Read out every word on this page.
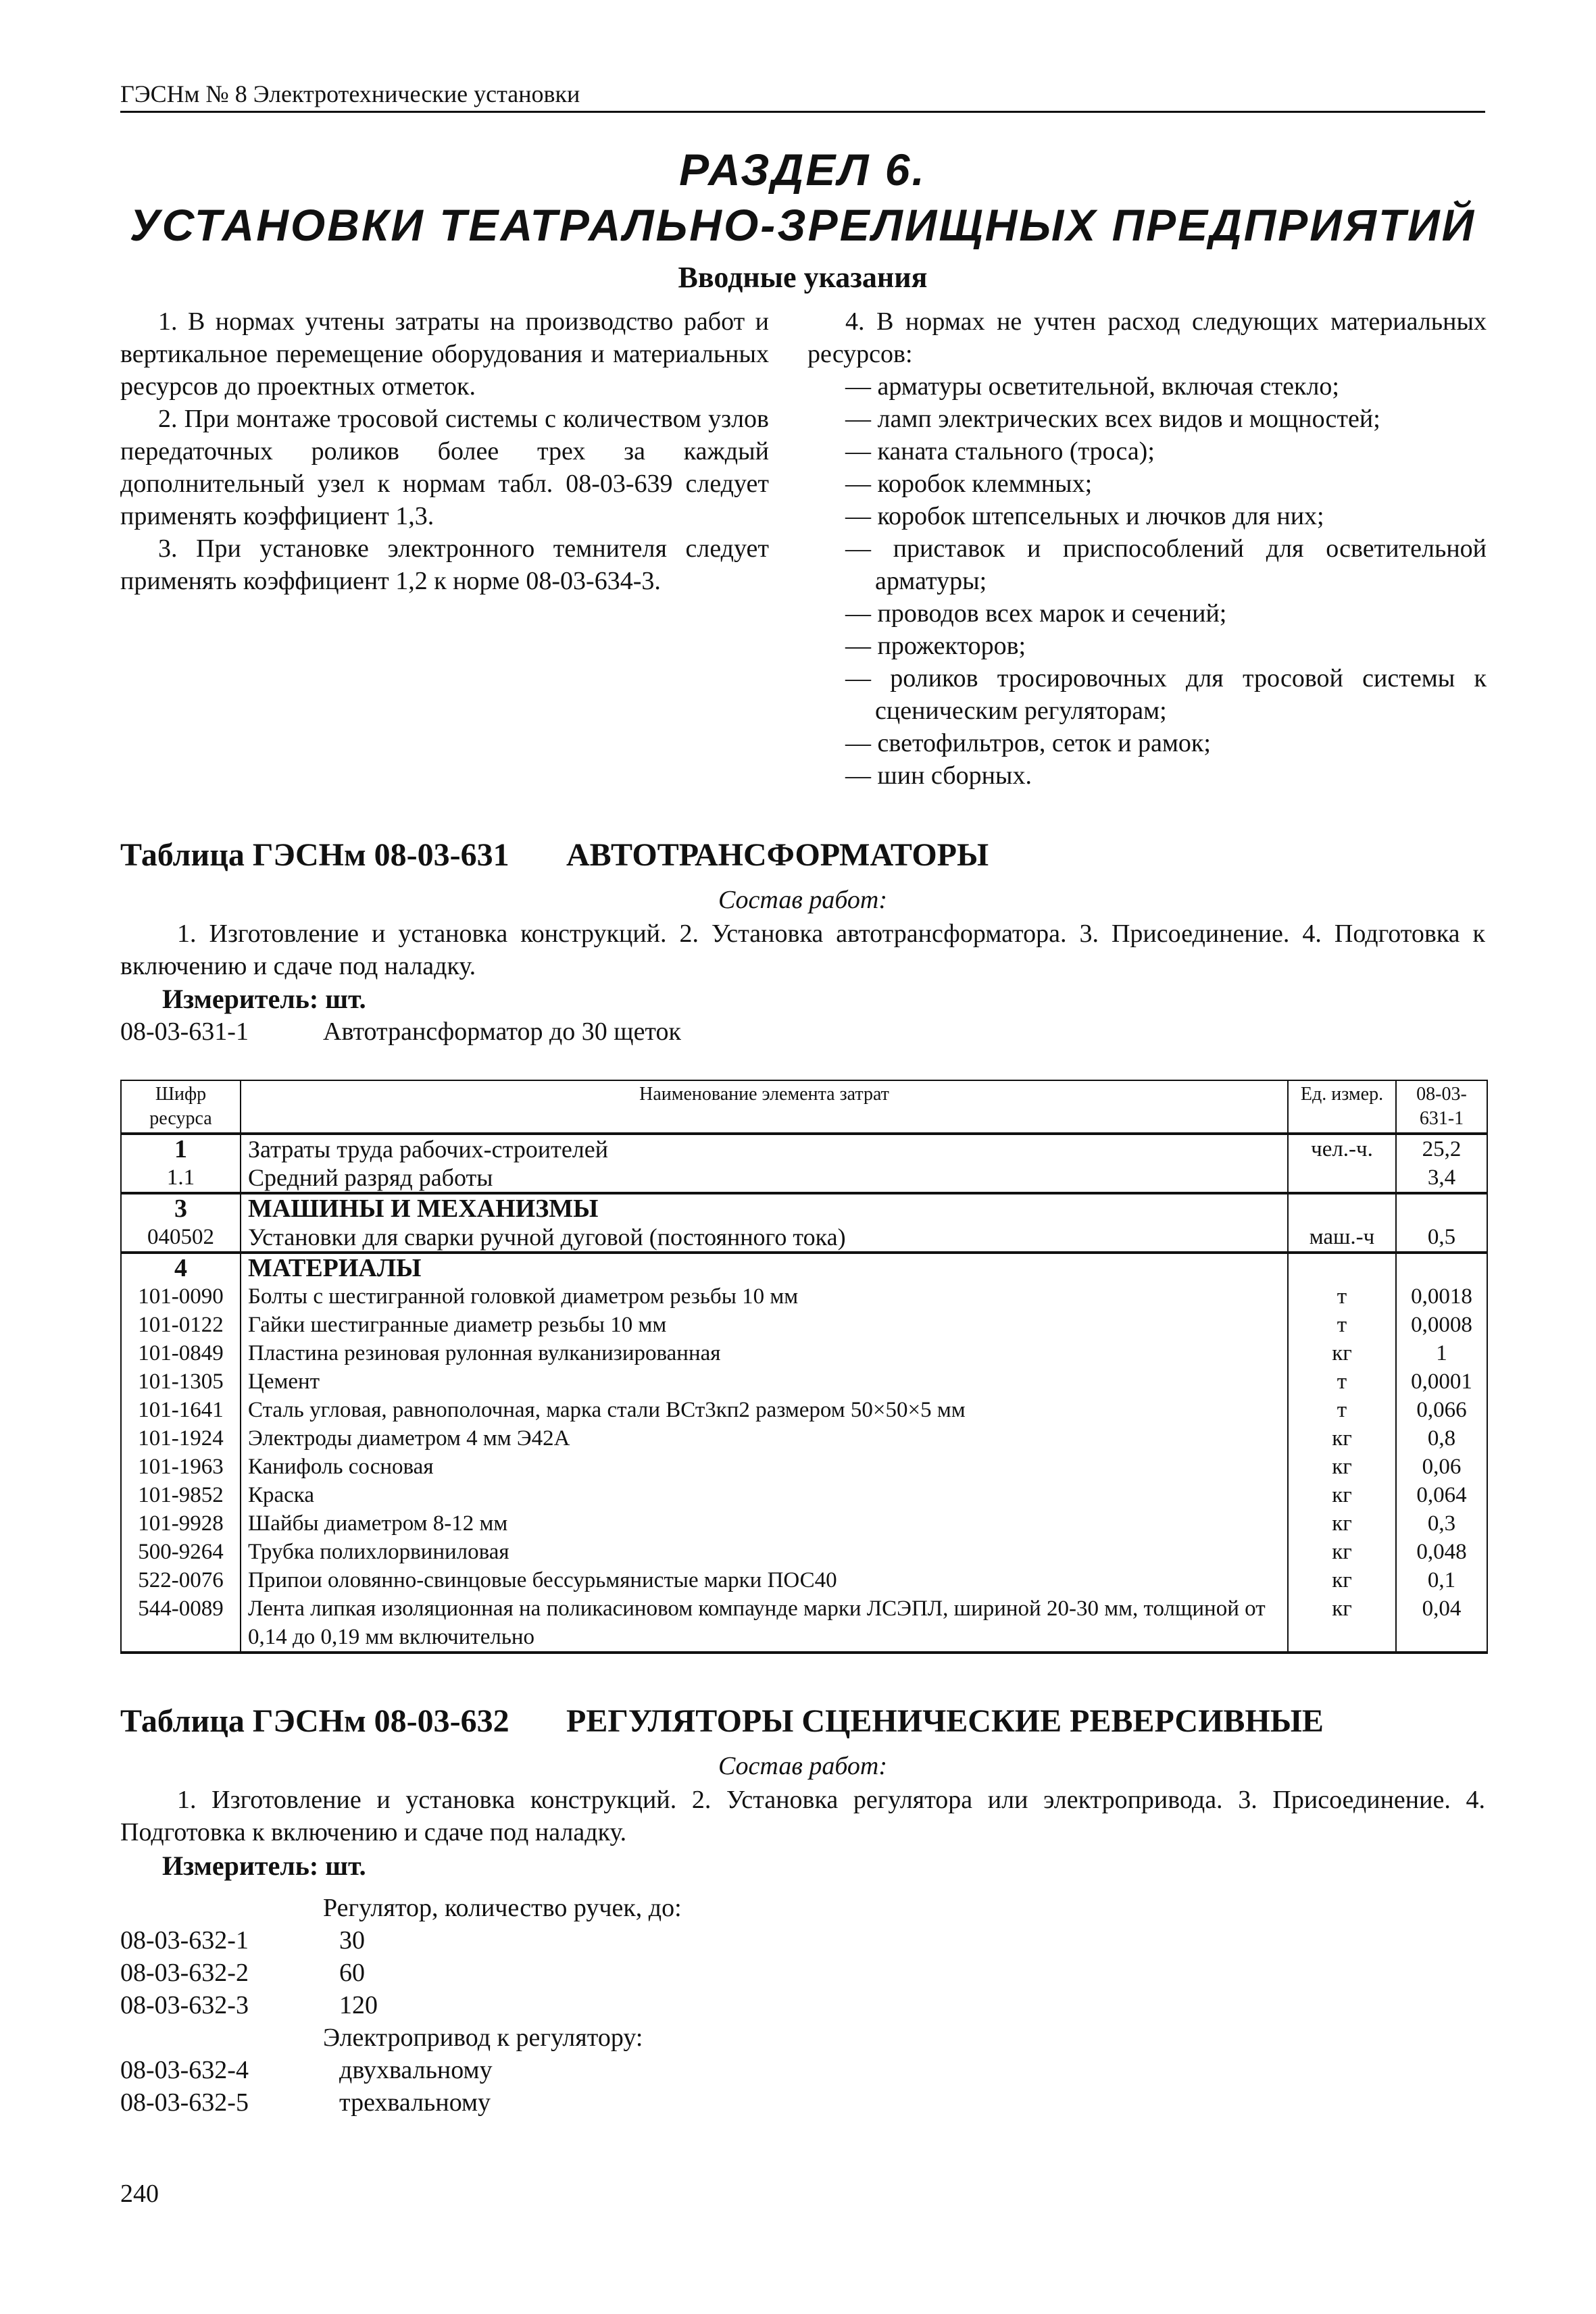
ГЭСНм № 8 Электротехнические установки
РАЗДЕЛ 6.
УСТАНОВКИ ТЕАТРАЛЬНО-ЗРЕЛИЩНЫХ ПРЕДПРИЯТИЙ
Вводные указания

1. В нормах учтены затраты на производство работ и вертикальное перемещение оборудования и материальных ресурсов до проектных отметок.

2. При монтаже тросовой системы с количеством узлов передаточных роликов более трех за каждый дополнительный узел к нормам табл. 08-03-639 следует применять коэффициент 1,3.

3. При установке электронного темнителя следует применять коэффициент 1,2 к норме 08-03-634-3.

4. В нормах не учтен расход следующих материальных ресурсов:

— арматуры осветительной, включая стекло;
— ламп электрических всех видов и мощностей;
— каната стального (троса);
— коробок клеммных;
— коробок штепсельных и лючков для них;
— приставок и приспособлений для осветительной арматуры;
— проводов всех марок и сечений;
— прожекторов;
— роликов тросировочных для тросовой системы к сценическим регуляторам;
— светофильтров, сеток и рамок;
— шин сборных.
Таблица ГЭСНм 08-03-631 АВТОТРАНСФОРМАТОРЫ
Состав работ:
1. Изготовление и установка конструкций. 2. Установка автотрансформатора. 3. Присоединение. 4. Подготовка к включению и сдаче под наладку.
Измеритель: шт.
08-03-631-1	Автотрансформатор до 30 щеток
Шифр
ресурса	Наименование элемента затрат	Ед. измер.	08-03-
631-1
1	Затраты труда рабочих-строителей	чел.-ч.	25,2
1.1	Средний разряд работы		3,4
3	МАШИНЫ И МЕХАНИЗМЫ		
040502	Установки для сварки ручной дуговой (постоянного тока)	маш.-ч	0,5
4	МАТЕРИАЛЫ		
101-0090	Болты с шестигранной головкой диаметром резьбы 10 мм	т	0,0018
101-0122	Гайки шестигранные диаметр резьбы 10 мм	т	0,0008
101-0849	Пластина резиновая рулонная вулканизированная	кг	1
101-1305	Цемент	т	0,0001
101-1641	Сталь угловая, равнополочная, марка стали ВСт3кп2 размером 50×50×5 мм	т	0,066
101-1924	Электроды диаметром 4 мм Э42А	кг	0,8
101-1963	Канифоль сосновая	кг	0,06
101-9852	Краска	кг	0,064
101-9928	Шайбы диаметром 8-12 мм	кг	0,3
500-9264	Трубка полихлорвиниловая	кг	0,048
522-0076	Припои оловянно-свинцовые бессурьмянистые марки ПОС40	кг	0,1
544-0089	Лента липкая изоляционная на поликасиновом компаунде марки ЛСЭПЛ, шириной 20-30 мм, толщиной от 0,14 до 0,19 мм включительно	кг	0,04
Таблица ГЭСНм 08-03-632 РЕГУЛЯТОРЫ СЦЕНИЧЕСКИЕ РЕВЕРСИВНЫЕ
Состав работ:
1. Изготовление и установка конструкций. 2. Установка регулятора или электропривода. 3. Присоединение. 4. Подготовка к включению и сдаче под наладку.
Измеритель: шт.
Регулятор, количество ручек, до:
08-03-632-1	30
08-03-632-2	60
08-03-632-3	120
Электропривод к регулятору:
08-03-632-4	двухвальному
08-03-632-5	трехвальному
240
